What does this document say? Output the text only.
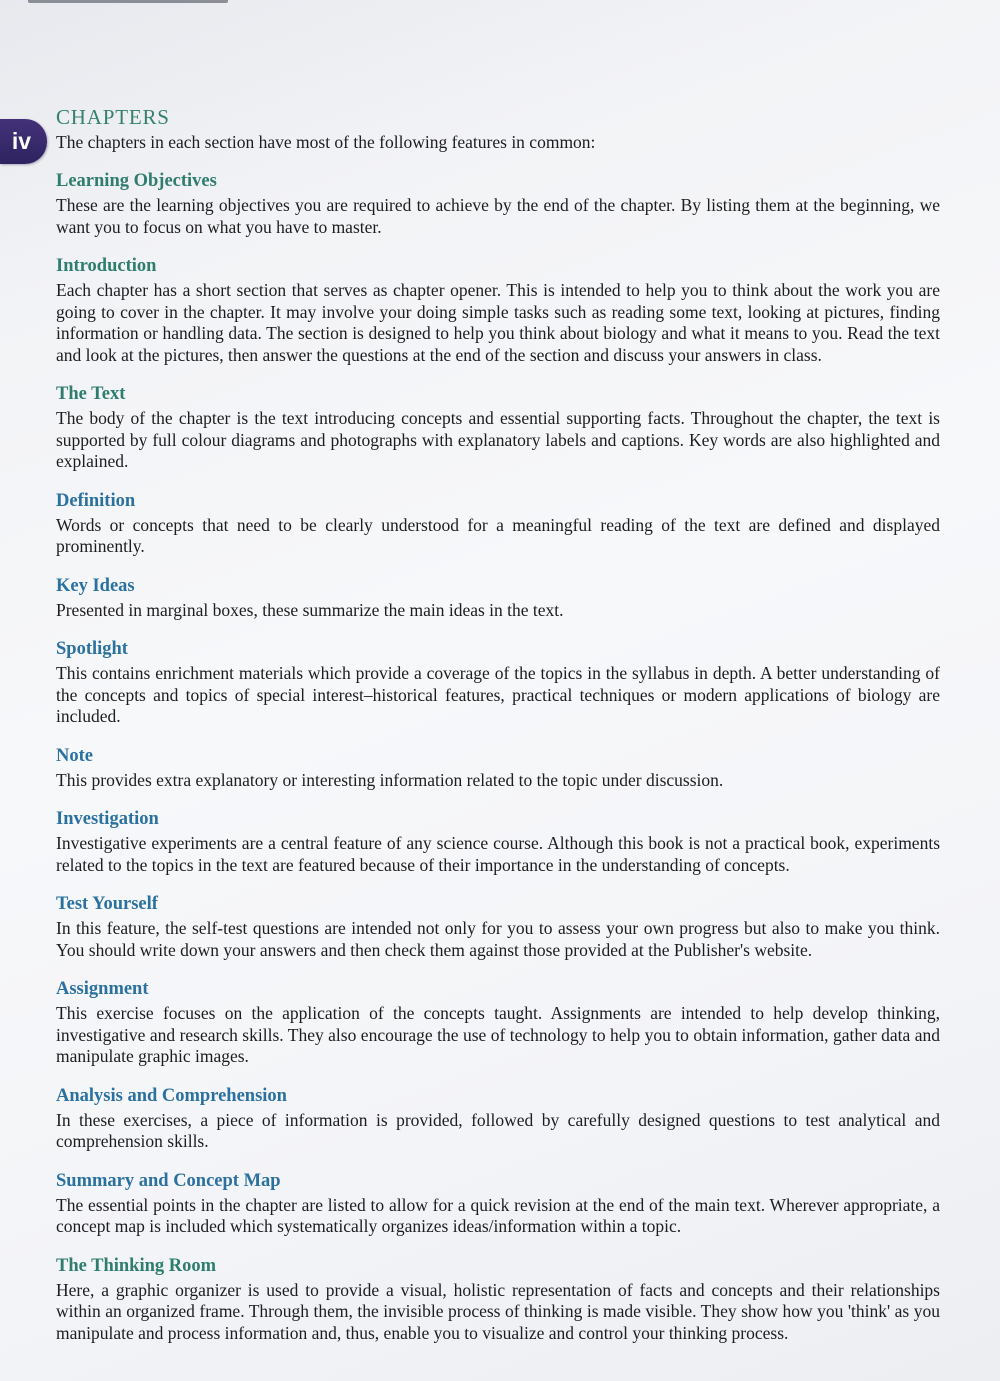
iv
CHAPTERS

The chapters in each section have most of the following features in common:

Learning Objectives

These are the learning objectives you are required to achieve by the end of the chapter. By listing them at the beginning, we want you to focus on what you have to master.

Introduction

Each chapter has a short section that serves as chapter opener. This is intended to help you to think about the work you are going to cover in the chapter. It may involve your doing simple tasks such as reading some text, looking at pictures, finding information or handling data. The section is designed to help you think about biology and what it means to you. Read the text and look at the pictures, then answer the questions at the end of the section and discuss your answers in class.

The Text

The body of the chapter is the text introducing concepts and essential supporting facts. Throughout the chapter, the text is supported by full colour diagrams and photographs with explanatory labels and captions. Key words are also highlighted and explained.

Definition

Words or concepts that need to be clearly understood for a meaningful reading of the text are defined and displayed prominently.

Key Ideas

Presented in marginal boxes, these summarize the main ideas in the text.

Spotlight

This contains enrichment materials which provide a coverage of the topics in the syllabus in depth. A better understanding of the concepts and topics of special interest–historical features, practical techniques or modern applications of biology are included.

Note

This provides extra explanatory or interesting information related to the topic under discussion.

Investigation

Investigative experiments are a central feature of any science course. Although this book is not a practical book, experiments related to the topics in the text are featured because of their importance in the understanding of concepts.

Test Yourself

In this feature, the self-test questions are intended not only for you to assess your own progress but also to make you think. You should write down your answers and then check them against those provided at the Publisher's website.

Assignment

This exercise focuses on the application of the concepts taught. Assignments are intended to help develop thinking, investigative and research skills. They also encourage the use of technology to help you to obtain information, gather data and manipulate graphic images.

Analysis and Comprehension

In these exercises, a piece of information is provided, followed by carefully designed questions to test analytical and comprehension skills.

Summary and Concept Map

The essential points in the chapter are listed to allow for a quick revision at the end of the main text. Wherever appropriate, a concept map is included which systematically organizes ideas/information within a topic.

The Thinking Room

Here, a graphic organizer is used to provide a visual, holistic representation of facts and concepts and their relationships within an organized frame. Through them, the invisible process of thinking is made visible. They show how you 'think' as you manipulate and process information and, thus, enable you to visualize and control your thinking process.
